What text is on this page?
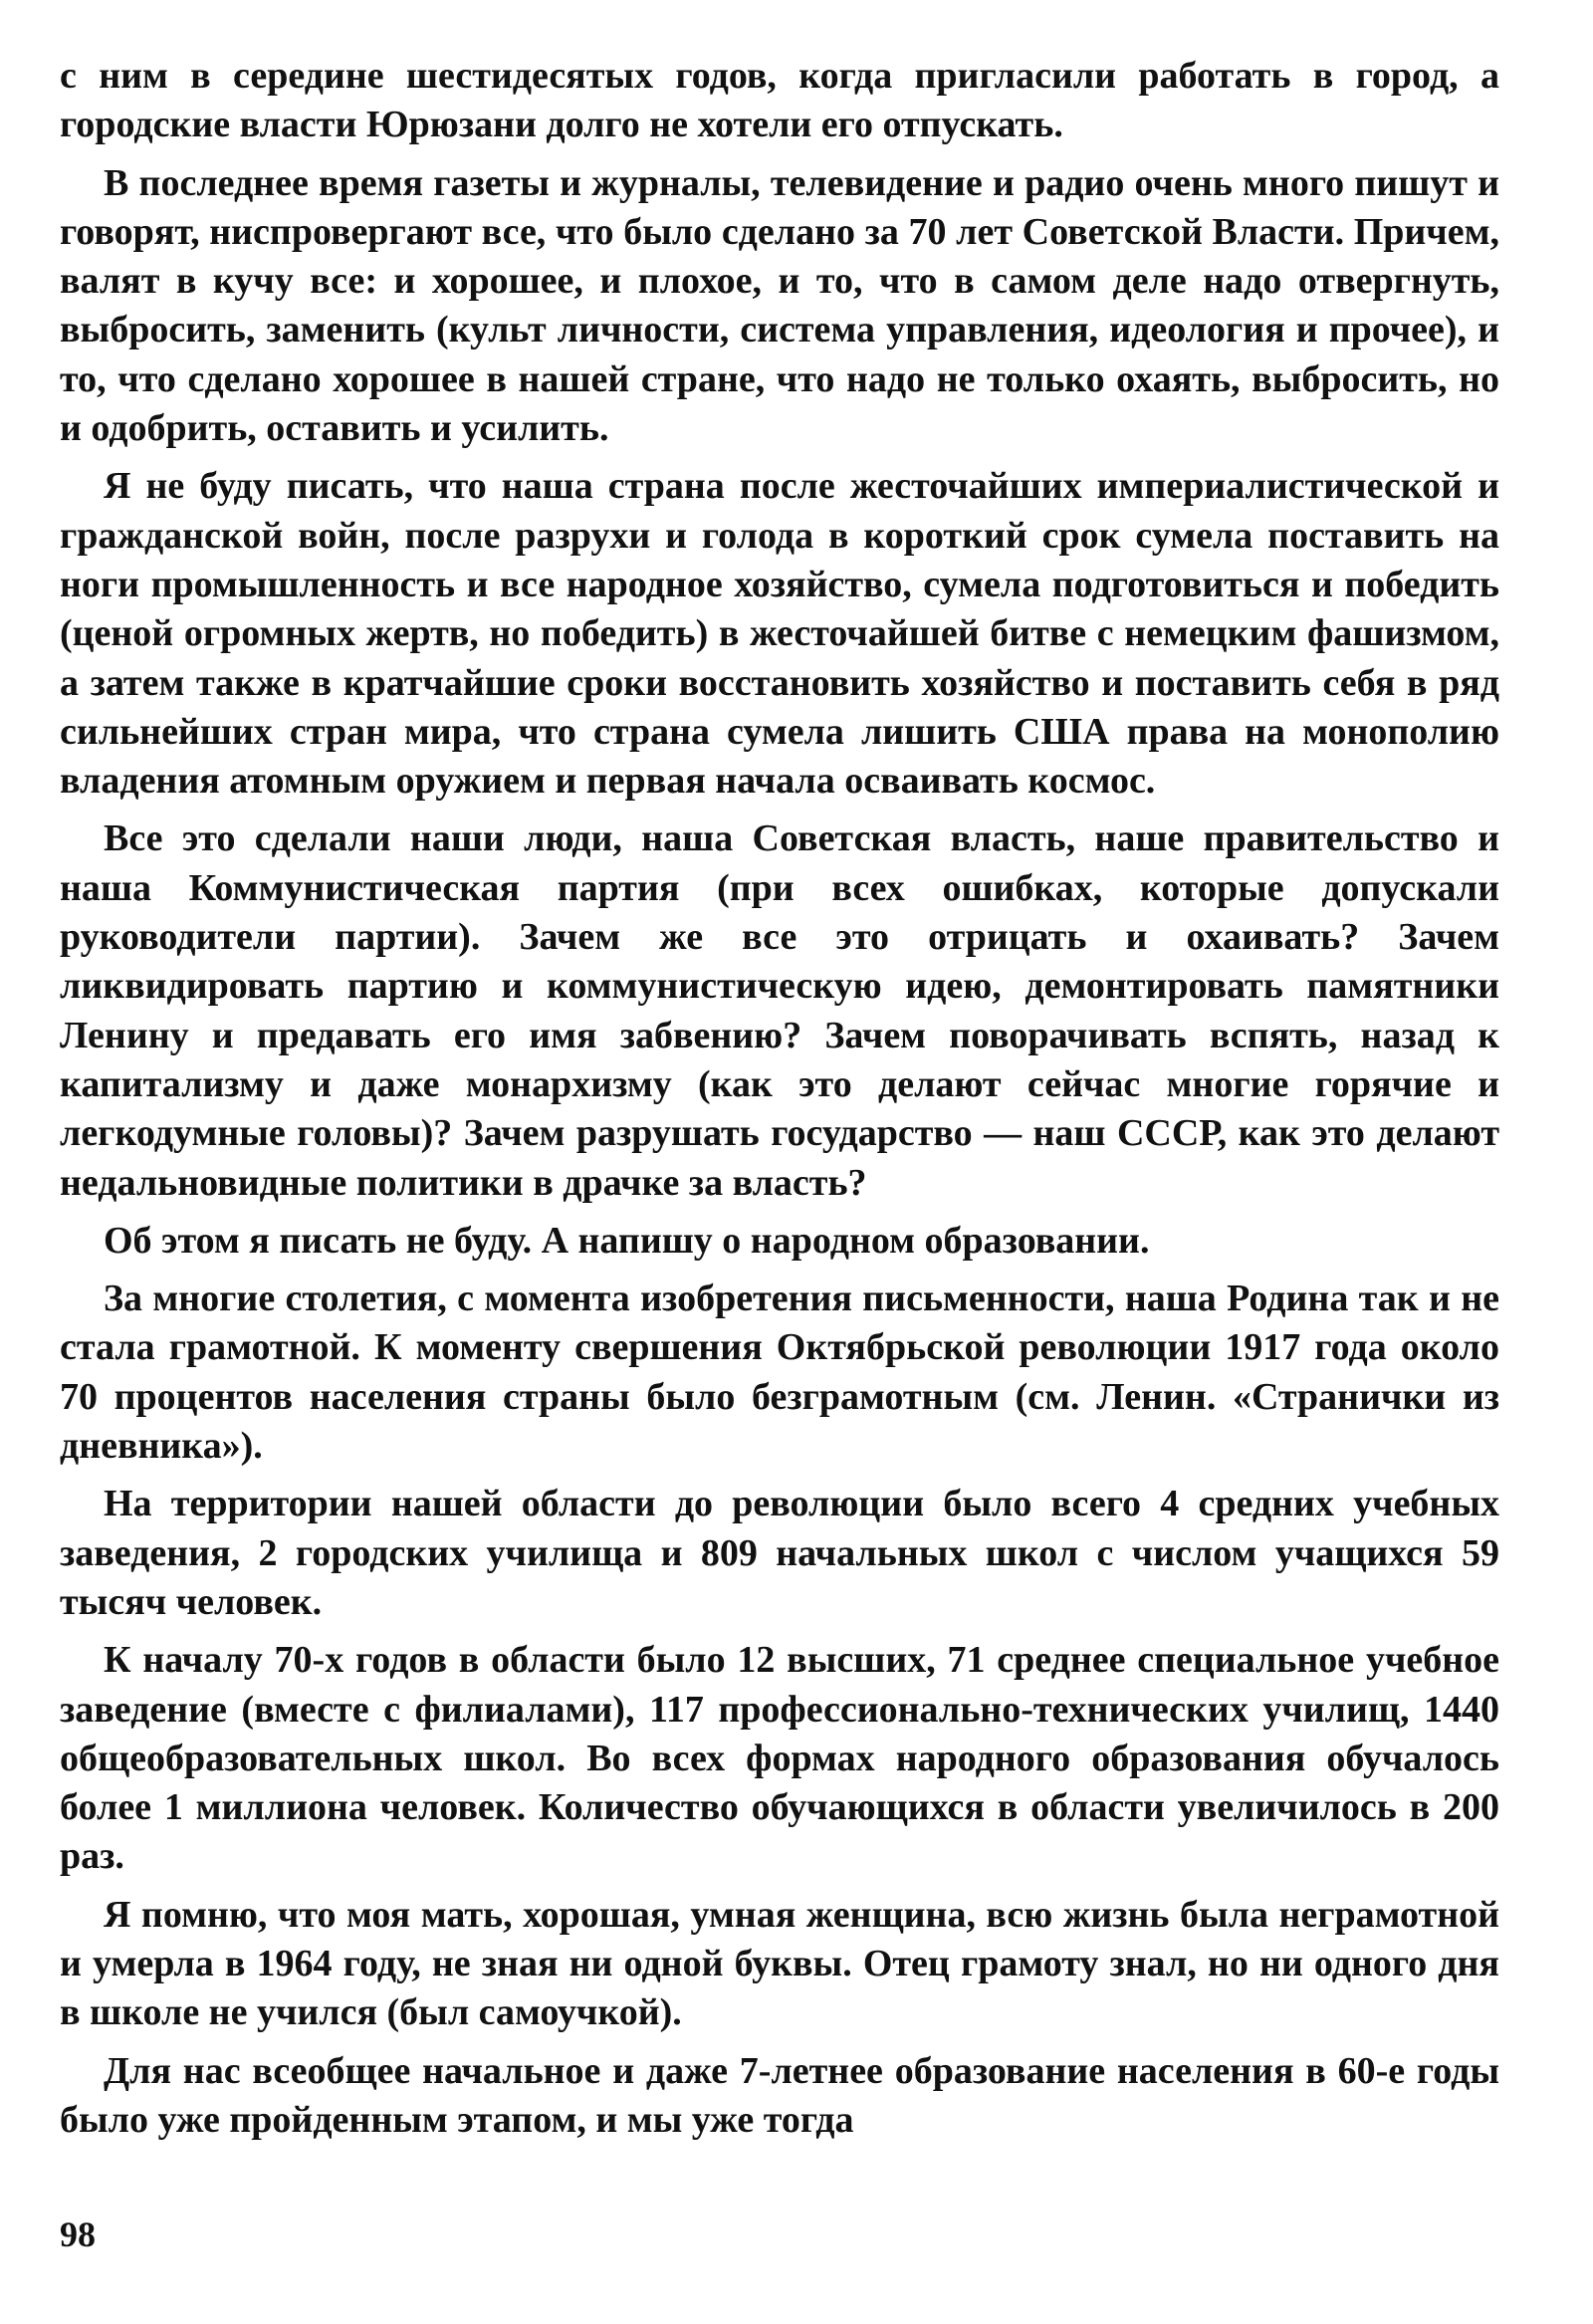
с ним в середине шестидесятых годов, когда пригласили работать в город, а городские власти Юрюзани долго не хотели его отпускать.

В последнее время газеты и журналы, телевидение и радио очень много пишут и говорят, ниспровергают все, что было сделано за 70 лет Советской Власти. Причем, валят в кучу все: и хорошее, и плохое, и то, что в самом деле надо отвергнуть, выбросить, заменить (культ личности, система управления, идеология и прочее), и то, что сделано хорошее в нашей стране, что надо не только охаять, выбросить, но и одобрить, оставить и усилить.

Я не буду писать, что наша страна после жесточайших империалистической и гражданской войн, после разрухи и голода в короткий срок сумела поставить на ноги промышленность и все народное хозяйство, сумела подготовиться и победить (ценой огромных жертв, но победить) в жесточайшей битве с немецким фашизмом, а затем также в кратчайшие сроки восстановить хозяйство и поставить себя в ряд сильнейших стран мира, что страна сумела лишить США права на монополию владения атомным оружием и первая начала осваивать космос.

Все это сделали наши люди, наша Советская власть, наше правительство и наша Коммунистическая партия (при всех ошибках, которые допускали руководители партии). Зачем же все это отрицать и охаивать? Зачем ликвидировать партию и коммунистическую идею, демонтировать памятники Ленину и предавать его имя забвению? Зачем поворачивать вспять, назад к капитализму и даже монархизму (как это делают сейчас многие горячие и легкодумные головы)? Зачем разрушать государство — наш СССР, как это делают недальновидные политики в драчке за власть?

Об этом я писать не буду. А напишу о народном образовании.

За многие столетия, с момента изобретения письменности, наша Родина так и не стала грамотной. К моменту свершения Октябрьской революции 1917 года около 70 процентов населения страны было безграмотным (см. Ленин. «Странички из дневника»).

На территории нашей области до революции было всего 4 средних учебных заведения, 2 городских училища и 809 начальных школ с числом учащихся 59 тысяч человек.

К началу 70-х годов в области было 12 высших, 71 среднее специальное учебное заведение (вместе с филиалами), 117 профессионально-технических училищ, 1440 общеобразовательных школ. Во всех формах народного образования обучалось более 1 миллиона человек. Количество обучающихся в области увеличилось в 200 раз.

Я помню, что моя мать, хорошая, умная женщина, всю жизнь была неграмотной и умерла в 1964 году, не зная ни одной буквы. Отец грамоту знал, но ни одного дня в школе не учился (был самоучкой).

Для нас всеобщее начальное и даже 7-летнее образование населения в 60-е годы было уже пройденным этапом, и мы уже тогда

98
